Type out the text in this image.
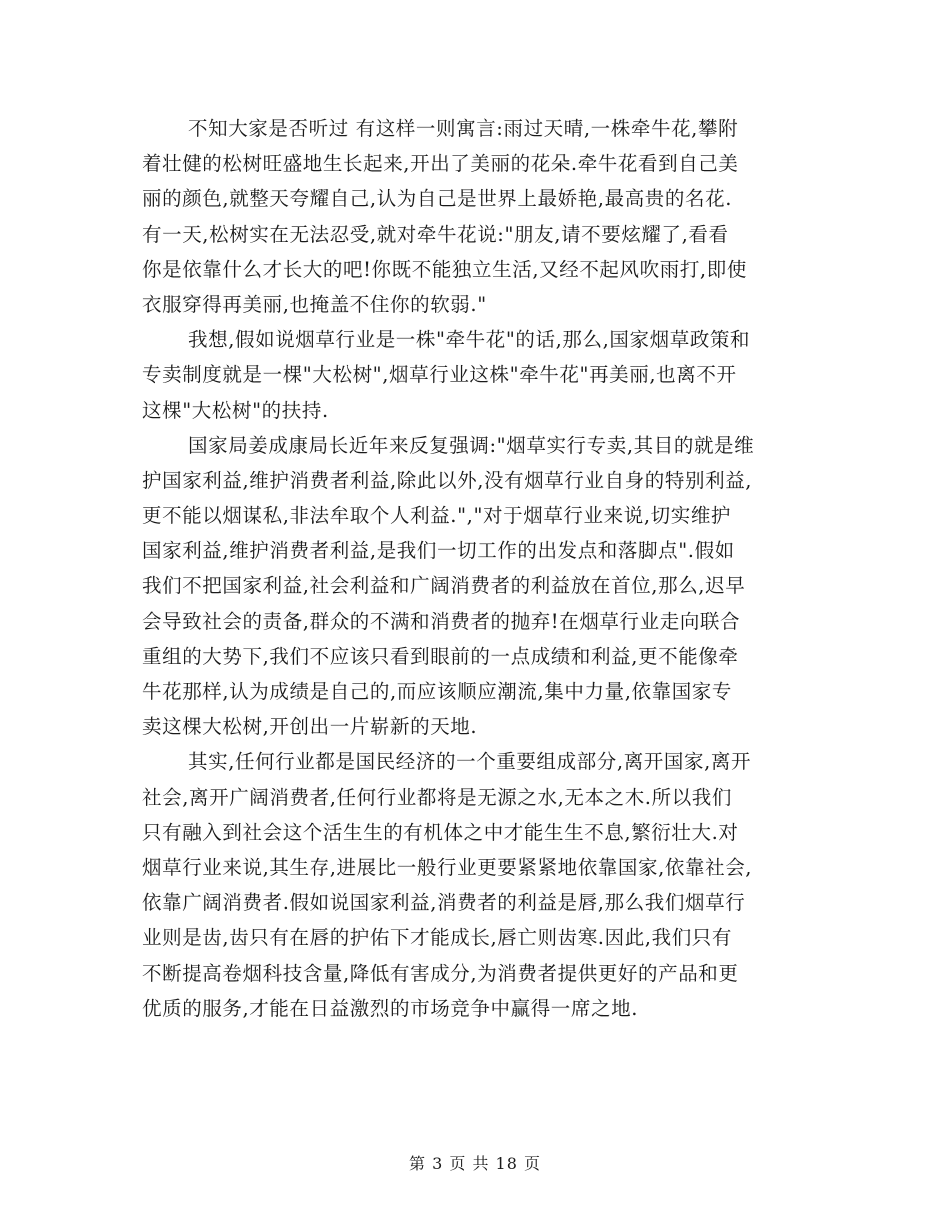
不知大家是否听过 有这样一则寓言:雨过天晴,一株牵牛花,攀附
着壮健的松树旺盛地生长起来,开出了美丽的花朵.牵牛花看到自己美
丽的颜色,就整天夸耀自己,认为自己是世界上最娇艳,最高贵的名花.
有一天,松树实在无法忍受,就对牵牛花说:"朋友,请不要炫耀了,看看
你是依靠什么才长大的吧!你既不能独立生活,又经不起风吹雨打,即使
衣服穿得再美丽,也掩盖不住你的软弱."
我想,假如说烟草行业是一株"牵牛花"的话,那么,国家烟草政策和
专卖制度就是一棵"大松树",烟草行业这株"牵牛花"再美丽,也离不开
这棵"大松树"的扶持.
国家局姜成康局长近年来反复强调:"烟草实行专卖,其目的就是维
护国家利益,维护消费者利益,除此以外,没有烟草行业自身的特别利益,
更不能以烟谋私,非法牟取个人利益.","对于烟草行业来说,切实维护
国家利益,维护消费者利益,是我们一切工作的出发点和落脚点".假如
我们不把国家利益,社会利益和广阔消费者的利益放在首位,那么,迟早
会导致社会的责备,群众的不满和消费者的抛弃!在烟草行业走向联合
重组的大势下,我们不应该只看到眼前的一点成绩和利益,更不能像牵
牛花那样,认为成绩是自己的,而应该顺应潮流,集中力量,依靠国家专
卖这棵大松树,开创出一片崭新的天地.
其实,任何行业都是国民经济的一个重要组成部分,离开国家,离开
社会,离开广阔消费者,任何行业都将是无源之水,无本之木.所以我们
只有融入到社会这个活生生的有机体之中才能生生不息,繁衍壮大.对
烟草行业来说,其生存,进展比一般行业更要紧紧地依靠国家,依靠社会,
依靠广阔消费者.假如说国家利益,消费者的利益是唇,那么我们烟草行
业则是齿,齿只有在唇的护佑下才能成长,唇亡则齿寒.因此,我们只有
不断提高卷烟科技含量,降低有害成分,为消费者提供更好的产品和更
优质的服务,才能在日益激烈的市场竞争中赢得一席之地.
第 3 页 共 18 页
